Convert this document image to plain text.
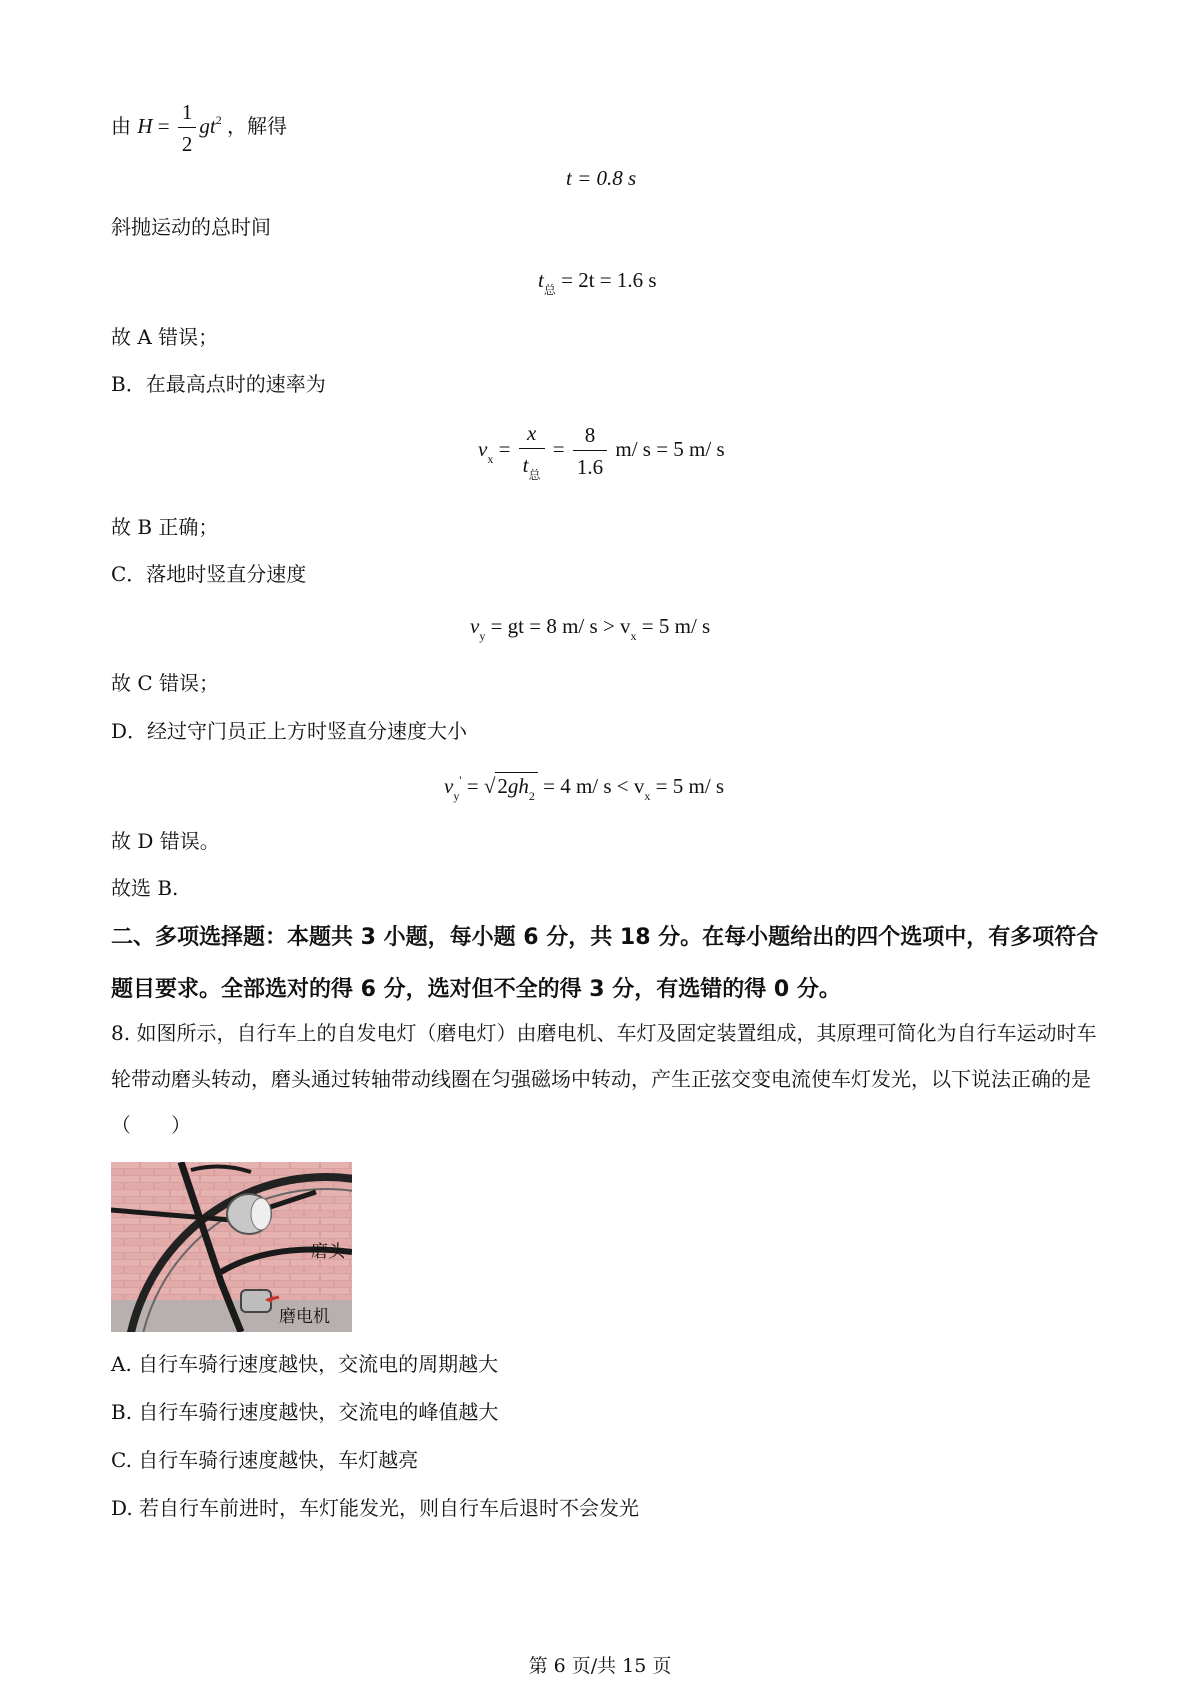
由 $H = \frac{1}{2} gt^2$ ，解得
t = 0.8 s
斜抛运动的总时间
$t_总 = 2t = 1.6$ s
故 A 错误；
B．在最高点时的速率为
$v_x = \frac{x}{t_总} = \frac{8}{1.6} m/$ s = 5 m/ s
故 B 正确；
C．落地时竖直分速度
$v_y$ = gt = 8 m/ $s > v_x = 5$ m/ s
故 C 错误；
D．经过守门员正上方时竖直分速度大小
$v_y' = √2gh_2 = 4$ m/ $s < v_x = 5$ m/ s
故 D 错误。
故选 B.
二、多项选择题：本题共 3 小题，每小题 6 分，共 18 分。在每小题给出的四个选项中，有多项符合题目要求。全部选对的得 6 分，选对但不全的得 3 分，有选错的得 0 分。
8. 如图所示，自行车上的自发电灯（磨电灯）由磨电机、车灯及固定装置组成，其原理可简化为自行车运动时车轮带动磨头转动，磨头通过转轴带动线圈在匀强磁场中转动，产生正弦交变电流使车灯发光，以下说法正确的是（　　）
磨头
磨电机
A. 自行车骑行速度越快，交流电的周期越大
B. 自行车骑行速度越快，交流电的峰值越大
C. 自行车骑行速度越快，车灯越亮
D. 若自行车前进时，车灯能发光，则自行车后退时不会发光
第 6 页/共 15 页
